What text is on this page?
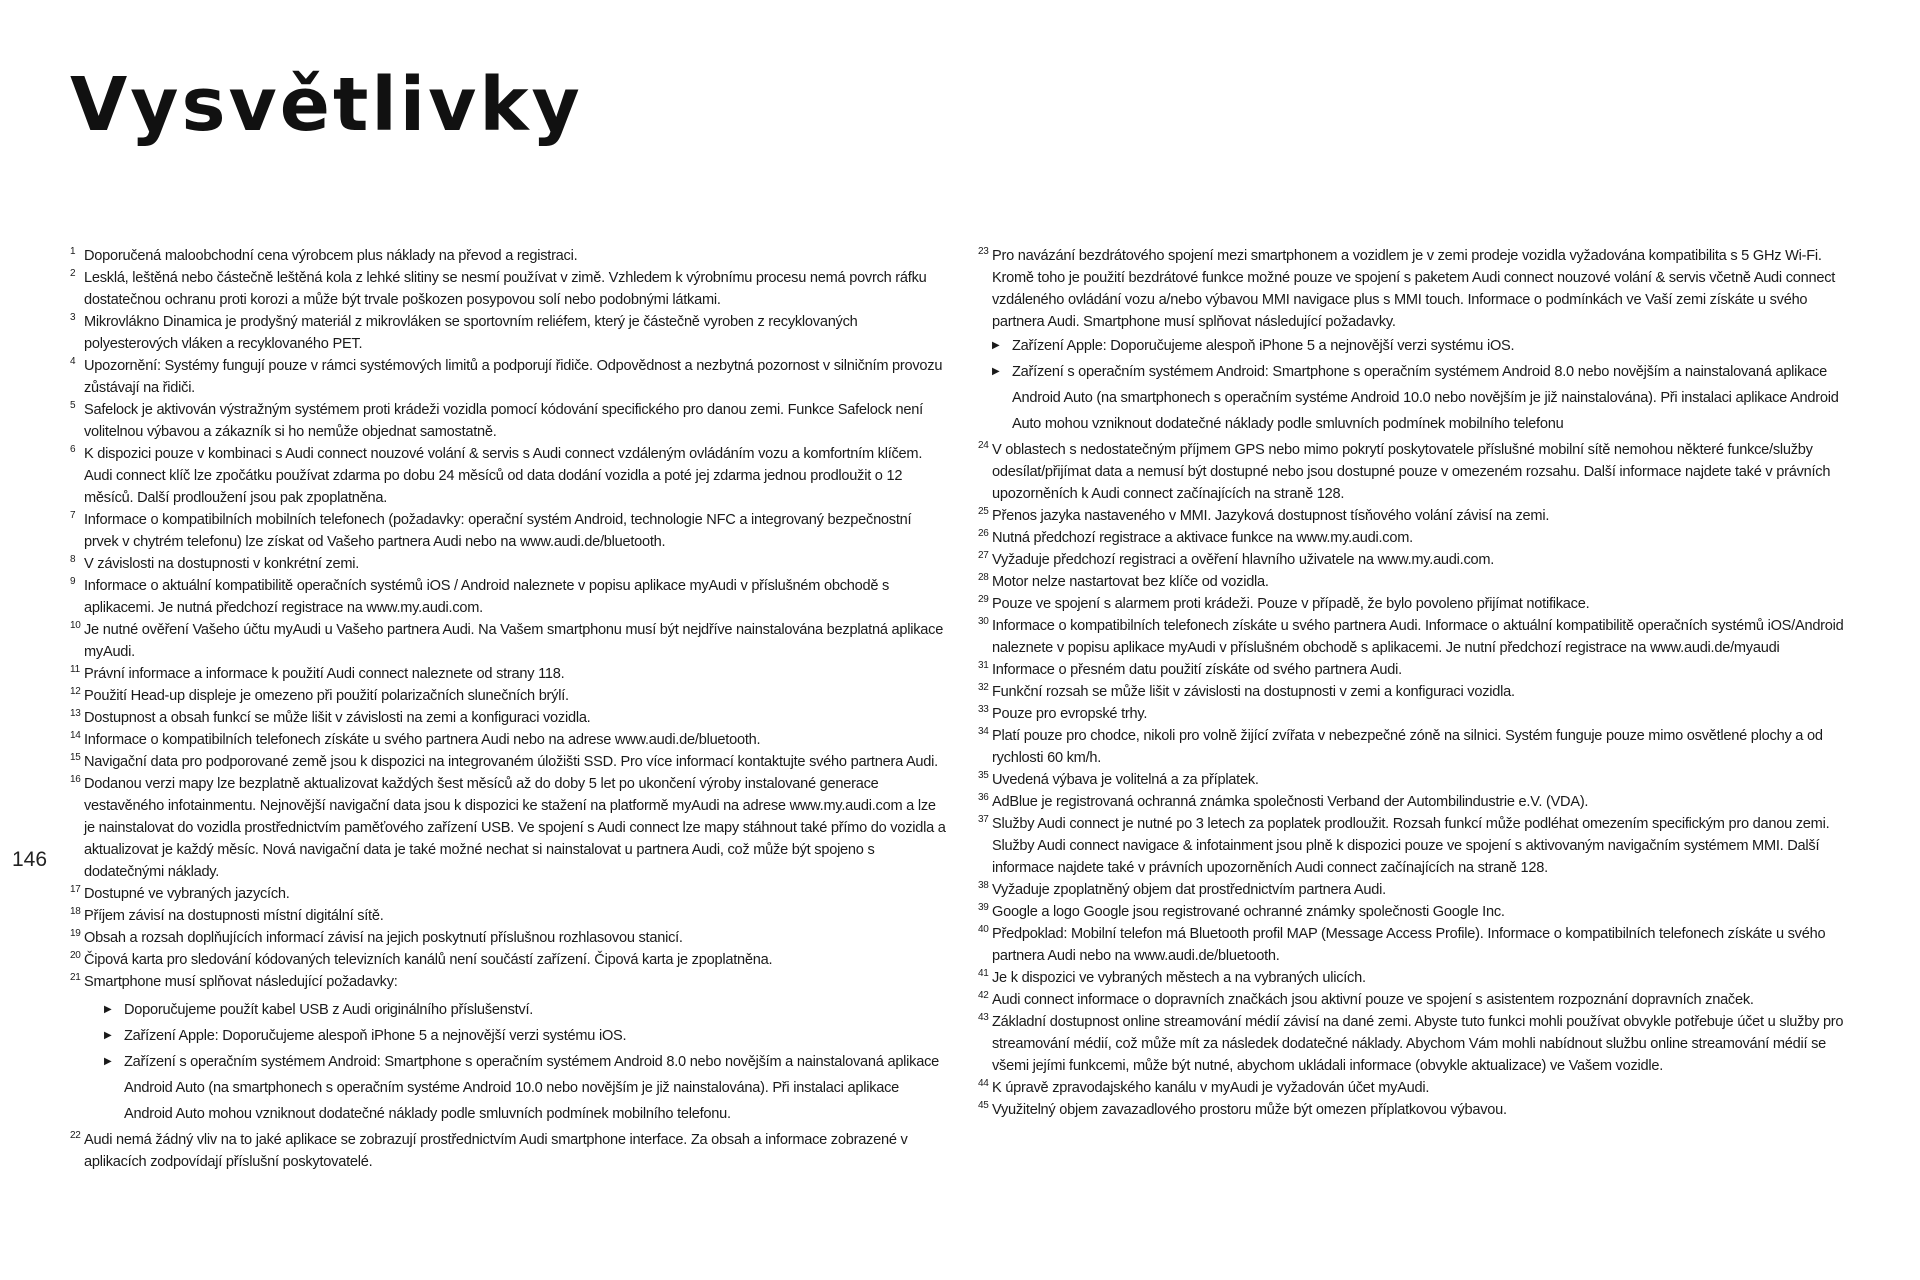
Vysvětlivky
146

1 Doporučená maloobchodní cena výrobcem plus náklady na převod a registraci.

2 Lesklá, leštěná nebo částečně leštěná kola z lehké slitiny se nesmí používat v zimě. Vzhledem k výrobnímu procesu nemá povrch ráfku dostatečnou ochranu proti korozi a může být trvale poškozen posypovou solí nebo podobnými látkami.

3 Mikrovlákno Dinamica je prodyšný materiál z mikrovláken se sportovním reliéfem, který je částečně vyroben z recyklovaných polyesterových vláken a recyklovaného PET.

4 Upozornění: Systémy fungují pouze v rámci systémových limitů a podporují řidiče. Odpovědnost a nezbytná pozornost v silničním provozu zůstávají na řidiči.

5 Safelock je aktivován výstražným systémem proti krádeži vozidla pomocí kódování specifického pro danou zemi. Funkce Safelock není volitelnou výbavou a zákazník si ho nemůže objednat samostatně.

6 K dispozici pouze v kombinaci s Audi connect nouzové volání & servis s Audi connect vzdáleným ovládáním vozu a komfortním klíčem. Audi connect klíč lze zpočátku používat zdarma po dobu 24 měsíců od data dodání vozidla a poté jej zdarma jednou prodloužit o 12 měsíců. Další prodloužení jsou pak zpoplatněna.

7 Informace o kompatibilních mobilních telefonech (požadavky: operační systém Android, technologie NFC a integrovaný bezpečnostní prvek v chytrém telefonu) lze získat od Vašeho partnera Audi nebo na www.audi.de/bluetooth.

8 V závislosti na dostupnosti v konkrétní zemi.

9 Informace o aktuální kompatibilitě operačních systémů iOS / Android naleznete v popisu aplikace myAudi v příslušném obchodě s aplikacemi. Je nutná předchozí registrace na www.my.audi.com.

10 Je nutné ověření Vašeho účtu myAudi u Vašeho partnera Audi. Na Vašem smartphonu musí být nejdříve nainstalována bezplatná aplikace myAudi.

11 Právní informace a informace k použití Audi connect naleznete od strany 118.

12 Použití Head-up displeje je omezeno při použití polarizačních slunečních brýlí.

13 Dostupnost a obsah funkcí se může lišit v závislosti na zemi a konfiguraci vozidla.

14 Informace o kompatibilních telefonech získáte u svého partnera Audi nebo na adrese www.audi.de/bluetooth.

15 Navigační data pro podporované země jsou k dispozici na integrovaném úložišti SSD. Pro více informací kontaktujte svého partnera Audi.

16 Dodanou verzi mapy lze bezplatně aktualizovat každých šest měsíců až do doby 5 let po ukončení výroby instalované generace vestavěného infotainmentu. Nejnovější navigační data jsou k dispozici ke stažení na platformě myAudi na adrese www.my.audi.com a lze je nainstalovat do vozidla prostřednictvím paměťového zařízení USB. Ve spojení s Audi connect lze mapy stáhnout také přímo do vozidla a aktualizovat je každý měsíc. Nová navigační data je také možné nechat si nainstalovat u partnera Audi, což může být spojeno s dodatečnými náklady.

17 Dostupné ve vybraných jazycích.

18 Příjem závisí na dostupnosti místní digitální sítě.

19 Obsah a rozsah doplňujících informací závisí na jejich poskytnutí příslušnou rozhlasovou stanicí.

20 Čipová karta pro sledování kódovaných televizních kanálů není součástí zařízení. Čipová karta je zpoplatněna.

21 Smartphone musí splňovat následující požadavky:

▶ Doporučujeme použít kabel USB z Audi originálního příslušenství.
▶ Zařízení Apple: Doporučujeme alespoň iPhone 5 a nejnovější verzi systému iOS.
▶ Zařízení s operačním systémem Android: Smartphone s operačním systémem Android 8.0 nebo novějším a nainstalovaná aplikace Android Auto (na smartphonech s operačním systéme Android 10.0 nebo novějším je již nainstalována). Při instalaci aplikace Android Auto mohou vzniknout dodatečné náklady podle smluvních podmínek mobilního telefonu.

22 Audi nemá žádný vliv na to jaké aplikace se zobrazují prostřednictvím Audi smartphone interface. Za obsah a informace zobrazené v aplikacích zodpovídají příslušní poskytovatelé.

23 Pro navázání bezdrátového spojení mezi smartphonem a vozidlem je v zemi prodeje vozidla vyžadována kompatibilita s 5 GHz Wi-Fi. Kromě toho je použití bezdrátové funkce možné pouze ve spojení s paketem Audi connect nouzové volání & servis včetně Audi connect vzdáleného ovládání vozu a/nebo výbavou MMI navigace plus s MMI touch. Informace o podmínkách ve Vaší zemi získáte u svého partnera Audi. Smartphone musí splňovat následující požadavky.

▶ Zařízení Apple: Doporučujeme alespoň iPhone 5 a nejnovější verzi systému iOS.
▶ Zařízení s operačním systémem Android: Smartphone s operačním systémem Android 8.0 nebo novějším a nainstalovaná aplikace Android Auto (na smartphonech s operačním systéme Android 10.0 nebo novějším je již nainstalována). Při instalaci aplikace Android Auto mohou vzniknout dodatečné náklady podle smluvních podmínek mobilního telefonu

24 V oblastech s nedostatečným příjmem GPS nebo mimo pokrytí poskytovatele příslušné mobilní sítě nemohou některé funkce/služby odesílat/přijímat data a nemusí být dostupné nebo jsou dostupné pouze v omezeném rozsahu. Další informace najdete také v právních upozorněních k Audi connect začínajících na straně 128.

25 Přenos jazyka nastaveného v MMI. Jazyková dostupnost tísňového volání závisí na zemi.

26 Nutná předchozí registrace a aktivace funkce na www.my.audi.com.

27 Vyžaduje předchozí registraci a ověření hlavního uživatele na www.my.audi.com.

28 Motor nelze nastartovat bez klíče od vozidla.

29 Pouze ve spojení s alarmem proti krádeži. Pouze v případě, že bylo povoleno přijímat notifikace.

30 Informace o kompatibilních telefonech získáte u svého partnera Audi. Informace o aktuální kompatibilitě operačních systémů iOS/Android naleznete v popisu aplikace myAudi v příslušném obchodě s aplikacemi. Je nutní předchozí registrace na www.audi.de/myaudi

31 Informace o přesném datu použití získáte od svého partnera Audi.

32 Funkční rozsah se může lišit v závislosti na dostupnosti v zemi a konfiguraci vozidla.

33 Pouze pro evropské trhy.

34 Platí pouze pro chodce, nikoli pro volně žijící zvířata v nebezpečné zóně na silnici. Systém funguje pouze mimo osvětlené plochy a od rychlosti 60 km/h.

35 Uvedená výbava je volitelná a za příplatek.

36 AdBlue je registrovaná ochranná známka společnosti Verband der Autombilindustrie e.V. (VDA).

37 Služby Audi connect je nutné po 3 letech za poplatek prodloužit. Rozsah funkcí může podléhat omezením specifickým pro danou zemi. Služby Audi connect navigace & infotainment jsou plně k dispozici pouze ve spojení s aktivovaným navigačním systémem MMI. Další informace najdete také v právních upozorněních Audi connect začínajících na straně 128.

38 Vyžaduje zpoplatněný objem dat prostřednictvím partnera Audi.

39 Google a logo Google jsou registrované ochranné známky společnosti Google Inc.

40 Předpoklad: Mobilní telefon má Bluetooth profil MAP (Message Access Profile). Informace o kompatibilních telefonech získáte u svého partnera Audi nebo na www.audi.de/bluetooth.

41 Je k dispozici ve vybraných městech a na vybraných ulicích.

42 Audi connect informace o dopravních značkách jsou aktivní pouze ve spojení s asistentem rozpoznání dopravních značek.

43 Základní dostupnost online streamování médií závisí na dané zemi. Abyste tuto funkci mohli používat obvykle potřebuje účet u služby pro streamování médií, což může mít za následek dodatečné náklady. Abychom Vám mohli nabídnout službu online streamování médií se všemi jejími funkcemi, může být nutné, abychom ukládali informace (obvykle aktualizace) ve Vašem vozidle.

44 K úpravě zpravodajského kanálu v myAudi je vyžadován účet myAudi.

45 Využitelný objem zavazadlového prostoru může být omezen příplatkovou výbavou.
